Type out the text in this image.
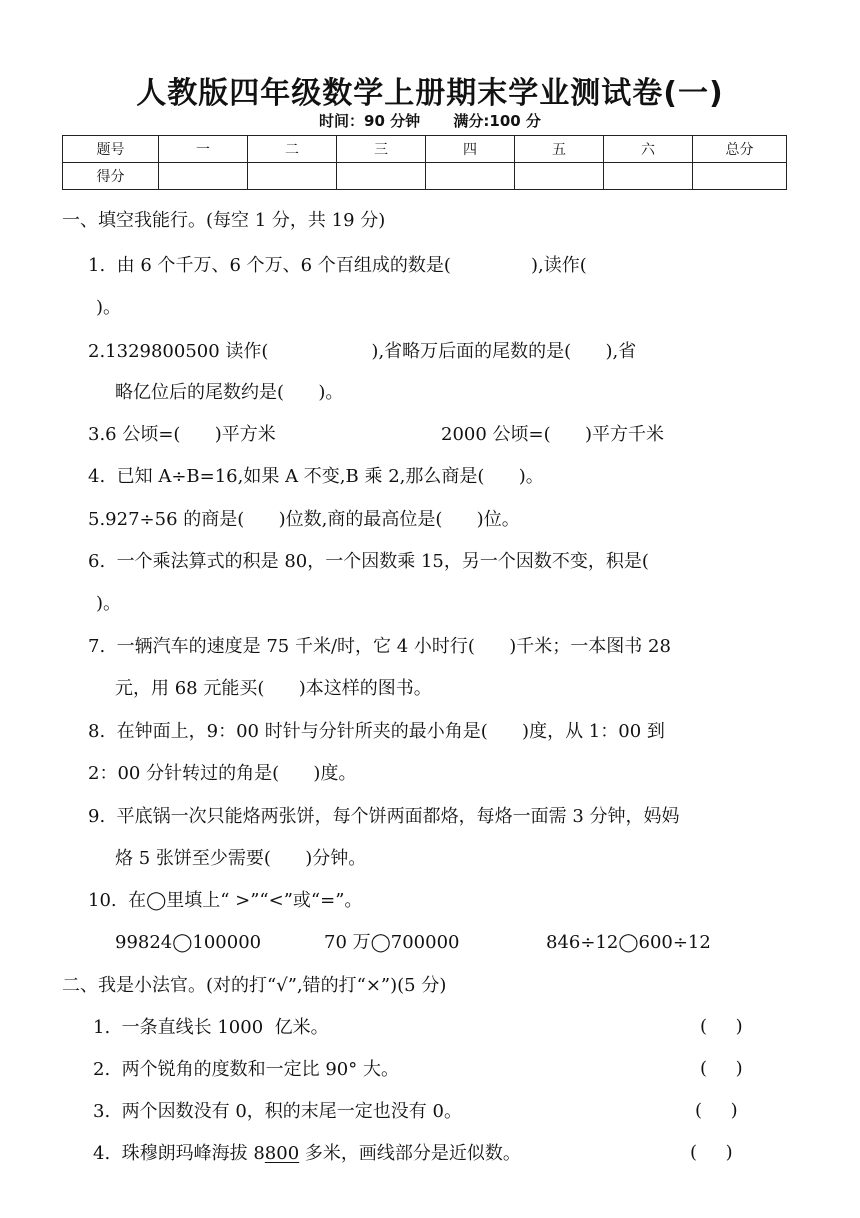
人教版四年级数学上册期末学业测试卷(一)
时间：90 分钟 满分:100 分
题号	一	二	三	四	五	六	总分
得分							
一、填空我能行。(每空 1 分，共 19 分)
1.  由 6 个千万、6 个万、6 个百组成的数是(              ),读作(
)。
2.1329800500 读作(                  ),省略万后面的尾数的是(      ),省
略亿位后的尾数约是(      )。
3.6 公顷=(      )平方米	2000 公顷=(      )平方千米
4.  已知 A÷B=16,如果 A 不变,B 乘 2,那么商是(      )。
5.927÷56 的商是(      )位数,商的最高位是(      )位。
6.  一个乘法算式的积是 80，一个因数乘 15，另一个因数不变，积是(
)。
7.  一辆汽车的速度是 75 千米/时，它 4 小时行(      )千米；一本图书 28
元，用 68 元能买(      )本这样的图书。
8.  在钟面上，9：00 时针与分针所夹的最小角是(      )度，从 1：00 到
2：00 分针转过的角是(      )度。
9.  平底锅一次只能烙两张饼，每个饼两面都烙，每烙一面需 3 分钟，妈妈
烙 5 张饼至少需要(      )分钟。
10.  在◯里填上“ >”“<”或“=”。
99824◯100000	70 万◯700000	846÷12◯600÷12
二、我是小法官。(对的打“√”,错的打“×”)(5 分)
1.  一条直线长 1000  亿米。	(     )
2.  两个锐角的度数和一定比 90° 大。	(     )
3.  两个因数没有 0，积的末尾一定也没有 0。	(     )
4.  珠穆朗玛峰海拔 8800 多米，画线部分是近似数。	(     )
